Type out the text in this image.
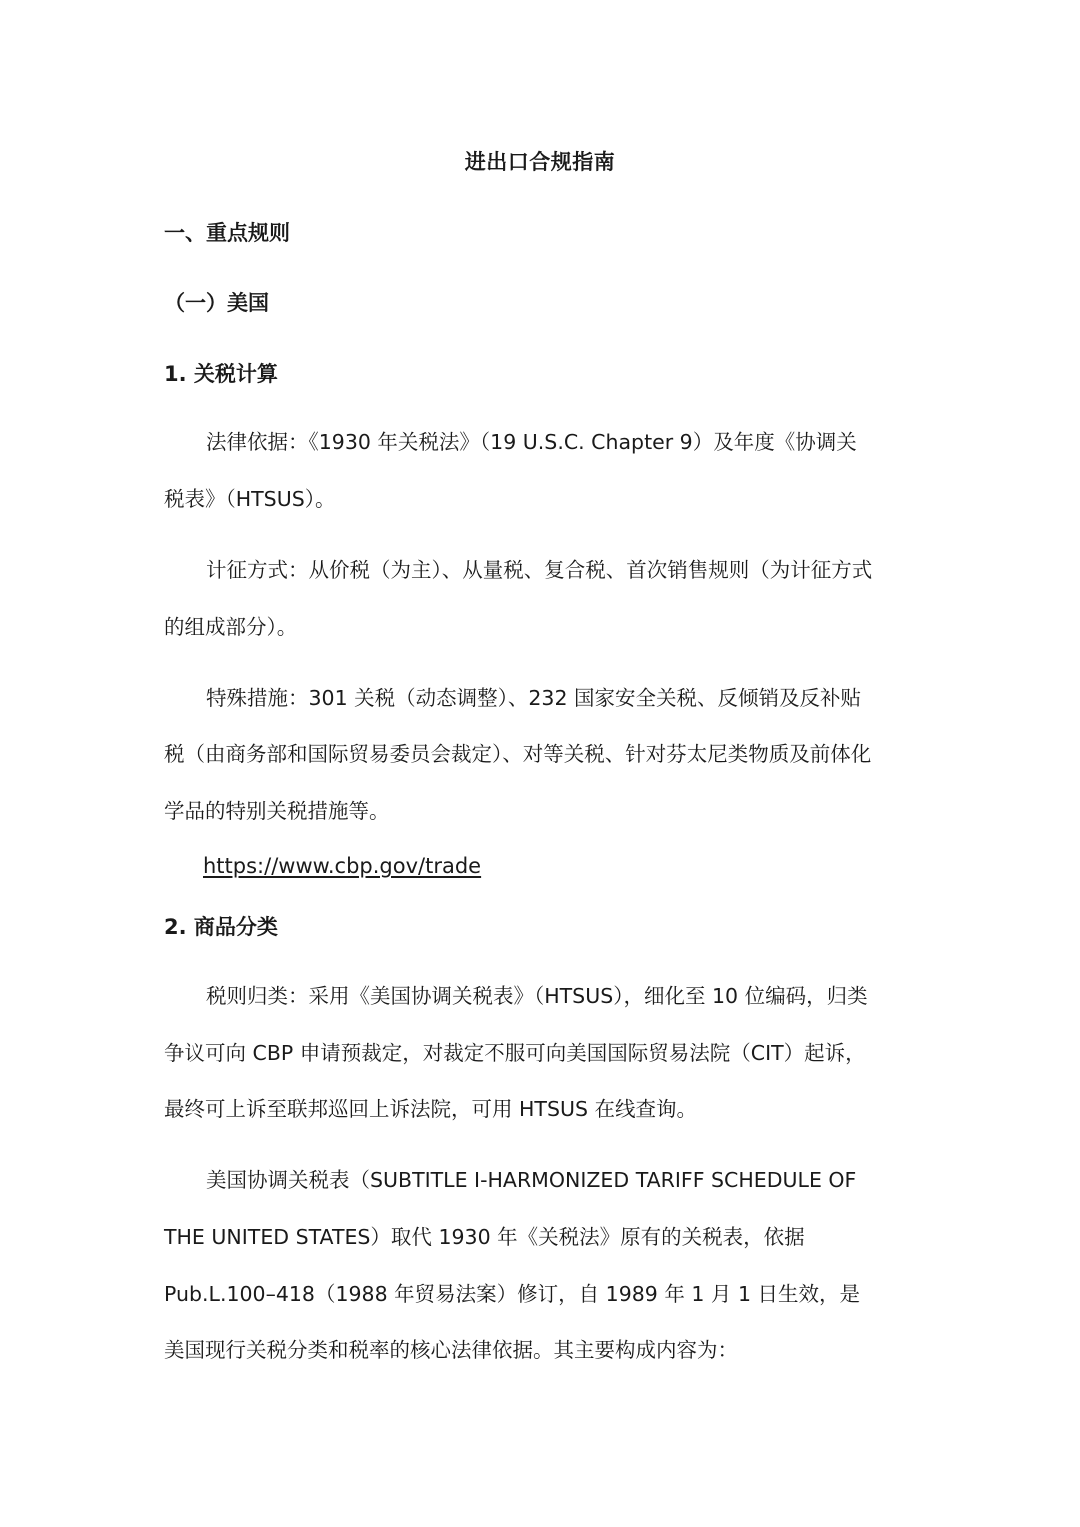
进出口合规指南
一、重点规则
（一）美国
1. 关税计算
法律依据：《1930 年关税法》（19 U.S.C. Chapter 9）及年度《协调关
税表》（HTSUS）。
计征方式：从价税（为主）、从量税、复合税、首次销售规则（为计征方式
的组成部分）。
特殊措施：301 关税（动态调整）、232 国家安全关税、反倾销及反补贴
税（由商务部和国际贸易委员会裁定）、对等关税、针对芬太尼类物质及前体化
学品的特别关税措施等。
https://www.cbp.gov/trade
2. 商品分类
税则归类：采用《美国协调关税表》（HTSUS），细化至 10 位编码，归类
争议可向 CBP 申请预裁定，对裁定不服可向美国国际贸易法院（CIT）起诉，
最终可上诉至联邦巡回上诉法院，可用 HTSUS 在线查询。
美国协调关税表（SUBTITLE I-HARMONIZED TARIFF SCHEDULE OF
THE UNITED STATES）取代 1930 年《关税法》原有的关税表，依据
Pub.L.100–418（1988 年贸易法案）修订，自 1989 年 1 月 1 日生效，是
美国现行关税分类和税率的核心法律依据。其主要构成内容为：
